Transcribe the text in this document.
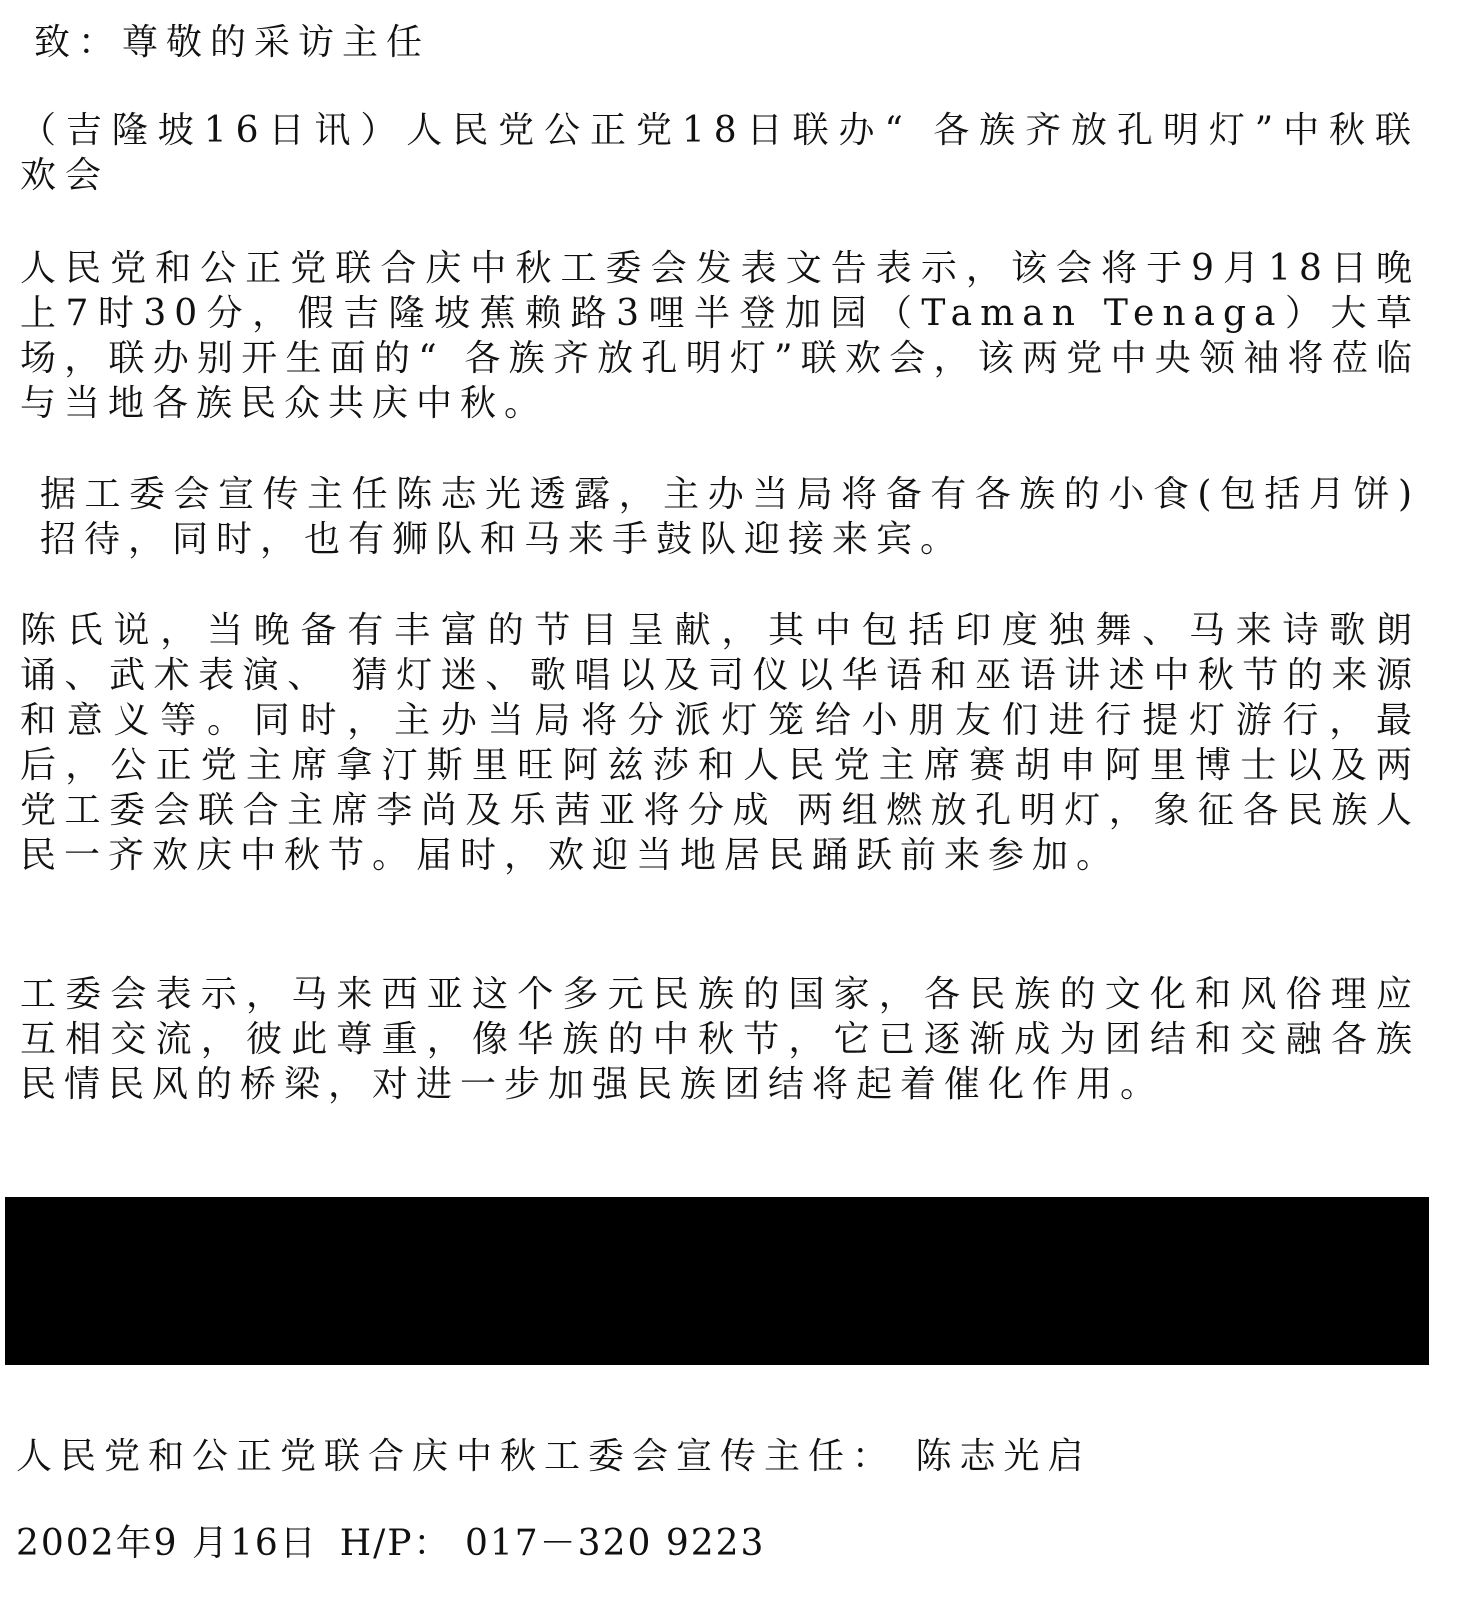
致：尊敬的采访主任
（吉隆坡16日讯）人民党公正党18日联办“ 各族齐放孔明灯”中秋联欢会
人民党和公正党联合庆中秋工委会发表文告表示，该会将于9月18日晚上7时30分，假吉隆坡蕉赖路3哩半登加园（Taman Tenaga）大草场，联办别开生面的“ 各族齐放孔明灯”联欢会，该两党中央领袖将莅临与当地各族民众共庆中秋。
据工委会宣传主任陈志光透露，主办当局将备有各族的小食(包括月饼)招待，同时，也有狮队和马来手鼓队迎接来宾。
陈氏说，当晚备有丰富的节目呈献，其中包括印度独舞、马来诗歌朗诵、武术表演、 猜灯迷、歌唱以及司仪以华语和巫语讲述中秋节的来源和意义等。同时，主办当局将分派灯笼给小朋友们进行提灯游行，最后，公正党主席拿汀斯里旺阿兹莎和人民党主席赛胡申阿里博士以及两党工委会联合主席李尚及乐茜亚将分成 两组燃放孔明灯，象征各民族人民一齐欢庆中秋节。届时，欢迎当地居民踊跃前来参加。
工委会表示，马来西亚这个多元民族的国家，各民族的文化和风俗理应互相交流，彼此尊重，像华族的中秋节，它已逐渐成为团结和交融各族民情民风的桥梁，对进一步加强民族团结将起着催化作用。
人民党和公正党联合庆中秋工委会宣传主任： 陈志光启
2002年9 月16日 H/P： 017－320 9223
